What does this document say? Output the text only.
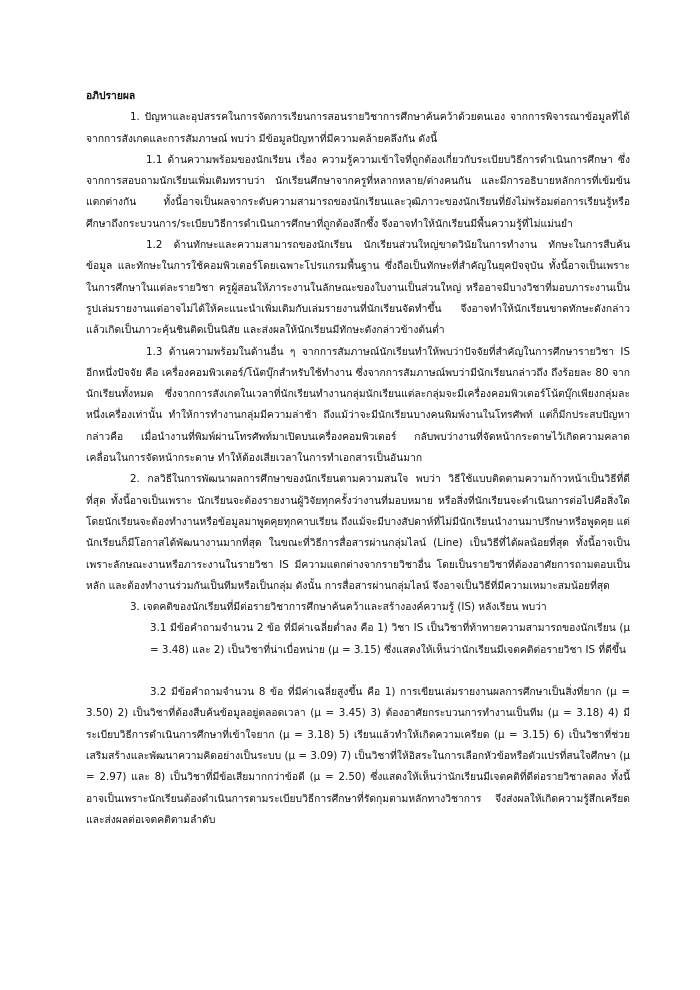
อภิปรายผล

1. ปัญหาและอุปสรรคในการจัดการเรียนการสอนรายวิชาการศึกษาค้นคว้าด้วยตนเอง จากการพิจารณาข้อมูลที่ได้จากการสังเกตและการสัมภาษณ์ พบว่า มีข้อมูลปัญหาที่มีความคล้ายคลึงกัน ดังนี้

1.1 ด้านความพร้อมของนักเรียน เรื่อง ความรู้ความเข้าใจที่ถูกต้องเกี่ยวกับระเบียบวิธีการดำเนินการศึกษา ซึ่งจากการสอบถามนักเรียนเพิ่มเติมทราบว่า นักเรียนศึกษาจากครูที่หลากหลาย/ต่างคนกัน และมีการอธิบายหลักการที่เข้มข้นแตกต่างกัน ทั้งนี้อาจเป็นผลจากระดับความสามารถของนักเรียนและวุฒิภาวะของนักเรียนที่ยังไม่พร้อมต่อการเรียนรู้หรือศึกษาถึงกระบวนการ/ระเบียบวิธีการดำเนินการศึกษาที่ถูกต้องลึกซึ้ง จึงอาจทำให้นักเรียนมีพื้นความรู้ที่ไม่แม่นยำ

1.2 ด้านทักษะและความสามารถของนักเรียน นักเรียนส่วนใหญ่ขาดวินัยในการทำงาน ทักษะในการสืบค้นข้อมูล และทักษะในการใช้คอมพิวเตอร์โดยเฉพาะโปรแกรมพื้นฐาน ซึ่งถือเป็นทักษะที่สำคัญในยุคปัจจุบัน ทั้งนี้อาจเป็นเพราะในการศึกษาในแต่ละรายวิชา ครูผู้สอนให้ภาระงานในลักษณะของใบงานเป็นส่วนใหญ่ หรืออาจมีบางวิชาที่มอบภาระงานเป็นรูปเล่มรายงานแต่อาจไม่ได้ให้คะแนะนำเพิ่มเติมกับเล่มรายงานที่นักเรียนจัดทำขึ้น จึงอาจทำให้นักเรียนขาดทักษะดังกล่าว แล้วเกิดเป็นภาวะคุ้นชินติดเป็นนิสัย และส่งผลให้นักเรียนมีทักษะดังกล่าวข้างต้นต่ำ

1.3 ด้านความพร้อมในด้านอื่น ๆ จากการสัมภาษณ์นักเรียนทำให้พบว่าปัจจัยที่สำคัญในการศึกษารายวิชา IS อีกหนึ่งปัจจัย คือ เครื่องคอมพิวเตอร์/โน้ตบุ๊กสำหรับใช้ทำงาน ซึ่งจากการสัมภาษณ์พบว่ามีนักเรียนกล่าวถึง ถึงร้อยละ 80 จากนักเรียนทั้งหมด ซึ่งจากการสังเกตในเวลาที่นักเรียนทำงานกลุ่มนักเรียนแต่ละกลุ่มจะมีเครื่องคอมพิวเตอร์โน้ตบุ๊กเพียงกลุ่มละหนึ่งเครื่องเท่านั้น ทำให้การทำงานกลุ่มมีความล่าช้า ถึงแม้ว่าจะมีนักเรียนบางคนพิมพ์งานในโทรศัพท์ แต่ก็มีกประสบปัญหา กล่าวคือ เมื่อนำงานที่พิมพ์ผ่านโทรศัพท์มาเปิดบนเครื่องคอมพิวเตอร์ กลับพบว่างานที่จัดหน้ากระดาษไว้เกิดความคลาดเคลื่อนในการจัดหน้ากระดาษ ทำให้ต้องเสียเวลาในการทำเอกสารเป็นอันมาก

2. กลวิธีในการพัฒนาผลการศึกษาของนักเรียนตามความสนใจ พบว่า วิธีใช้แบบติดตามความก้าวหน้าเป็นวิธีที่ดีที่สุด ทั้งนี้อาจเป็นเพราะ นักเรียนจะต้องรายงานผู้วิจัยทุกครั้งว่างานที่มอบหมาย หรือสิ่งที่นักเรียนจะดำเนินการต่อไปคือสิ่งใด โดยนักเรียนจะต้องทำงานหรือข้อมูลมาพูดคุยทุกคาบเรียน ถึงแม้จะมีบางสัปดาห์ที่ไม่มีนักเรียนนำงานมาปรึกษาหรือพูดคุย แต่นักเรียนก็มีโอกาสได้พัฒนางานมากที่สุด ในขณะที่วิธีการสื่อสารผ่านกลุ่มไลน์ (Line) เป็นวิธีที่ได้ผลน้อยที่สุด ทั้งนี้อาจเป็นเพราะลักษณะงานหรือภาระงานในรายวิชา IS มีความแตกต่างจากรายวิชาอื่น โดยเป็นรายวิชาที่ต้องอาศัยการถามตอบเป็นหลัก และต้องทำงานร่วมกันเป็นทีมหรือเป็นกลุ่ม ดังนั้น การสื่อสารผ่านกลุ่มไลน์ จึงอาจเป็นวิธีที่มีความเหมาะสมน้อยที่สุด

3. เจตคติของนักเรียนที่มีต่อรายวิชาการศึกษาค้นคว้าและสร้างองค์ความรู้ (IS) หลังเรียน พบว่า

3.1 มีข้อคำถามจำนวน 2 ข้อ ที่มีค่าเฉลี่ยต่ำลง คือ 1) วิชา IS เป็นวิชาที่ท้าทายความสามารถของนักเรียน (μ = 3.48) และ 2) เป็นวิชาที่น่าเบื่อหน่าย (μ = 3.15) ซึ่งแสดงให้เห็นว่านักเรียนมีเจตคติต่อรายวิชา IS ที่ดีขึ้น

3.2 มีข้อคำถามจำนวน 8 ข้อ ที่มีค่าเฉลี่ยสูงขึ้น คือ 1) การเขียนเล่มรายงานผลการศึกษาเป็นสิ่งที่ยาก (μ = 3.50) 2) เป็นวิชาที่ต้องสืบค้นข้อมูลอยู่ตลอดเวลา (μ = 3.45) 3) ต้องอาศัยกระบวนการทำงานเป็นทีม (μ = 3.18) 4) มีระเบียบวิธีการดำเนินการศึกษาที่เข้าใจยาก (μ = 3.18) 5) เรียนแล้วทำให้เกิดความเครียด (μ = 3.15) 6) เป็นวิชาที่ช่วยเสริมสร้างและพัฒนาความคิดอย่างเป็นระบบ (μ = 3.09) 7) เป็นวิชาที่ให้อิสระในการเลือกหัวข้อหรือตัวแปรที่สนใจศึกษา (μ = 2.97) และ 8) เป็นวิชาที่มีข้อเสียมากกว่าข้อดี (μ = 2.50) ซึ่งแสดงให้เห็นว่านักเรียนมีเจตคติที่ดีต่อรายวิชาลดลง ทั้งนี้อาจเป็นเพราะนักเรียนต้องดำเนินการตามระเบียบวิธีการศึกษาที่รัดกุมตามหลักทางวิชาการ จึงส่งผลให้เกิดความรู้สึกเครียดและส่งผลต่อเจตคติตามลำดับ
